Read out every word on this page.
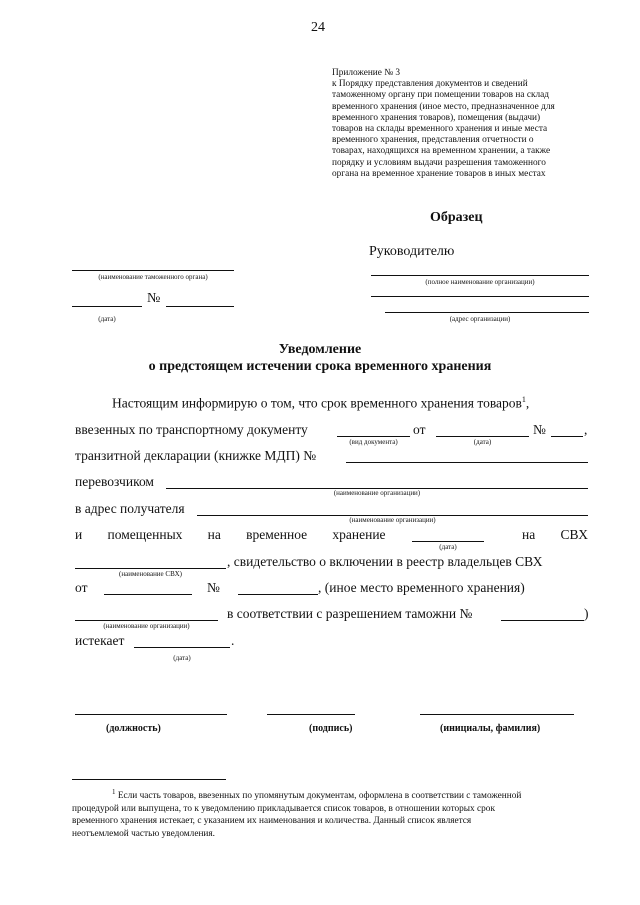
24
Приложение № 3
к Порядку представления документов и сведений
таможенному органу при помещении товаров на склад
временного хранения (иное место, предназначенное для
временного хранения товаров), помещения (выдачи)
товаров на склады временного хранения и иные места
временного хранения, представления отчетности о
товарах, находящихся на временном хранении, а также
порядку и условиям выдачи разрешения таможенного
органа на временное хранение товаров в иных местах
Образец
Руководителю
(наименование таможенного органа)
№
(дата)
(полное наименование организации)
(адрес организации)
Уведомление
о предстоящем истечении срока временного хранения
Настоящим информирую о том, что срок временного хранения товаров$^1$,
ввезенных по транспортному документу
(вид документа)
от
(дата)
№	,
транзитной декларации (книжке МДП) №
перевозчиком
(наименование организации)
в адрес получателя
(наименование организации)
и помещенных на временное хранение	на СВХ
(дата)
(наименование СВХ)
, свидетельство о включении в реестр владельцев СВХ
от	№	, (иное место временного хранения)
(наименование организации)
в соответствии с разрешением таможни №	)
истекает	.
(дата)
(должность)	(подпись)	(инициалы, фамилия)
$^1$ Если часть товаров, ввезенных по упомянутым документам, оформлена в соответствии с таможенной
процедурой или выпущена, то к уведомлению прикладывается список товаров, в отношении которых срок
временного хранения истекает, с указанием их наименования и количества. Данный список является
неотъемлемой частью уведомления.
